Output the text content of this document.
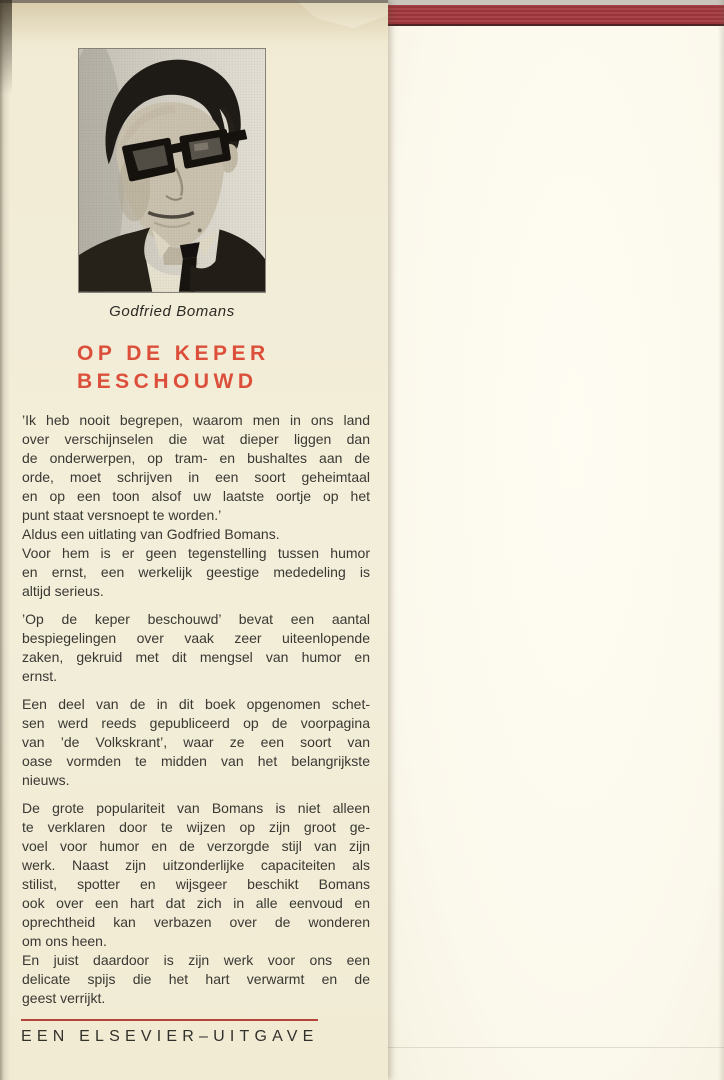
Godfried Bomans
OP DE KEPER
BESCHOUWD
’Ik heb nooit begrepen, waarom men in ons land
over verschijnselen die wat dieper liggen dan
de onderwerpen, op tram- en bushaltes aan de
orde, moet schrijven in een soort geheimtaal
en op een toon alsof uw laatste oortje op het
punt staat versnoept te worden.’
Aldus een uitlating van Godfried Bomans.
Voor hem is er geen tegenstelling tussen humor
en ernst, een werkelijk geestige mededeling is
altijd serieus.
’Op de keper beschouwd’ bevat een aantal
bespiegelingen over vaak zeer uiteenlopende
zaken, gekruid met dit mengsel van humor en
ernst.
Een deel van de in dit boek opgenomen schet-
sen werd reeds gepubliceerd op de voorpagina
van ’de Volkskrant’, waar ze een soort van
oase vormden te midden van het belangrijkste
nieuws.
De grote populariteit van Bomans is niet alleen
te verklaren door te wijzen op zijn groot ge-
voel voor humor en de verzorgde stijl van zijn
werk. Naast zijn uitzonderlijke capaciteiten als
stilist, spotter en wijsgeer beschikt Bomans
ook over een hart dat zich in alle eenvoud en
oprechtheid kan verbazen over de wonderen
om ons heen.
En juist daardoor is zijn werk voor ons een
delicate spijs die het hart verwarmt en de
geest verrijkt.
EEN ELSEVIER–UITGAVE
